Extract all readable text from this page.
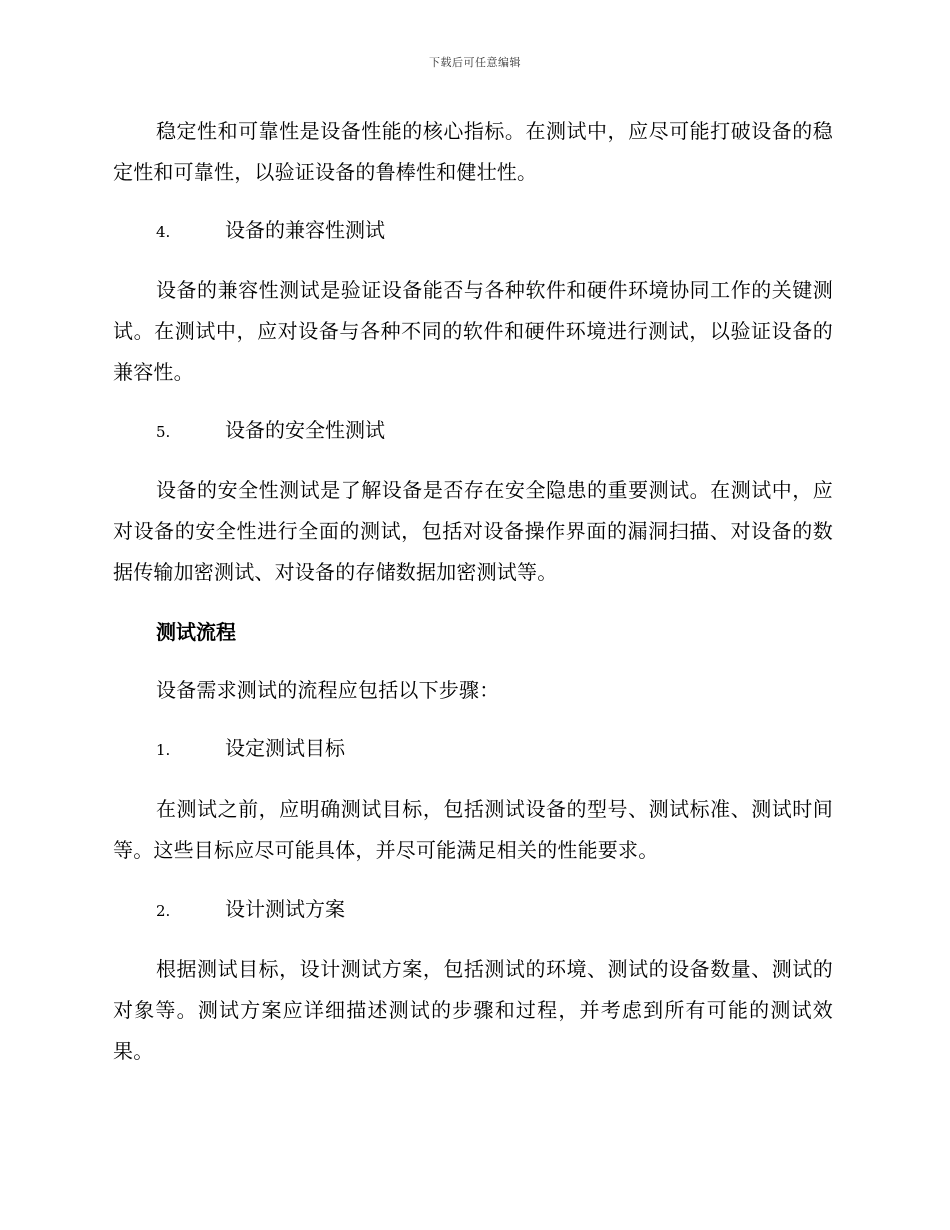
下载后可任意编辑

稳定性和可靠性是设备性能的核心指标。在测试中，应尽可能打破设备的稳定性和可靠性，以验证设备的鲁棒性和健壮性。

4.	设备的兼容性测试

设备的兼容性测试是验证设备能否与各种软件和硬件环境协同工作的关键测试。在测试中，应对设备与各种不同的软件和硬件环境进行测试，以验证设备的兼容性。

5.	设备的安全性测试

设备的安全性测试是了解设备是否存在安全隐患的重要测试。在测试中，应对设备的安全性进行全面的测试，包括对设备操作界面的漏洞扫描、对设备的数据传输加密测试、对设备的存储数据加密测试等。

测试流程

设备需求测试的流程应包括以下步骤：

1.	设定测试目标

在测试之前，应明确测试目标，包括测试设备的型号、测试标准、测试时间等。这些目标应尽可能具体，并尽可能满足相关的性能要求。

2.	设计测试方案

根据测试目标，设计测试方案，包括测试的环境、测试的设备数量、测试的对象等。测试方案应详细描述测试的步骤和过程，并考虑到所有可能的测试效果。
